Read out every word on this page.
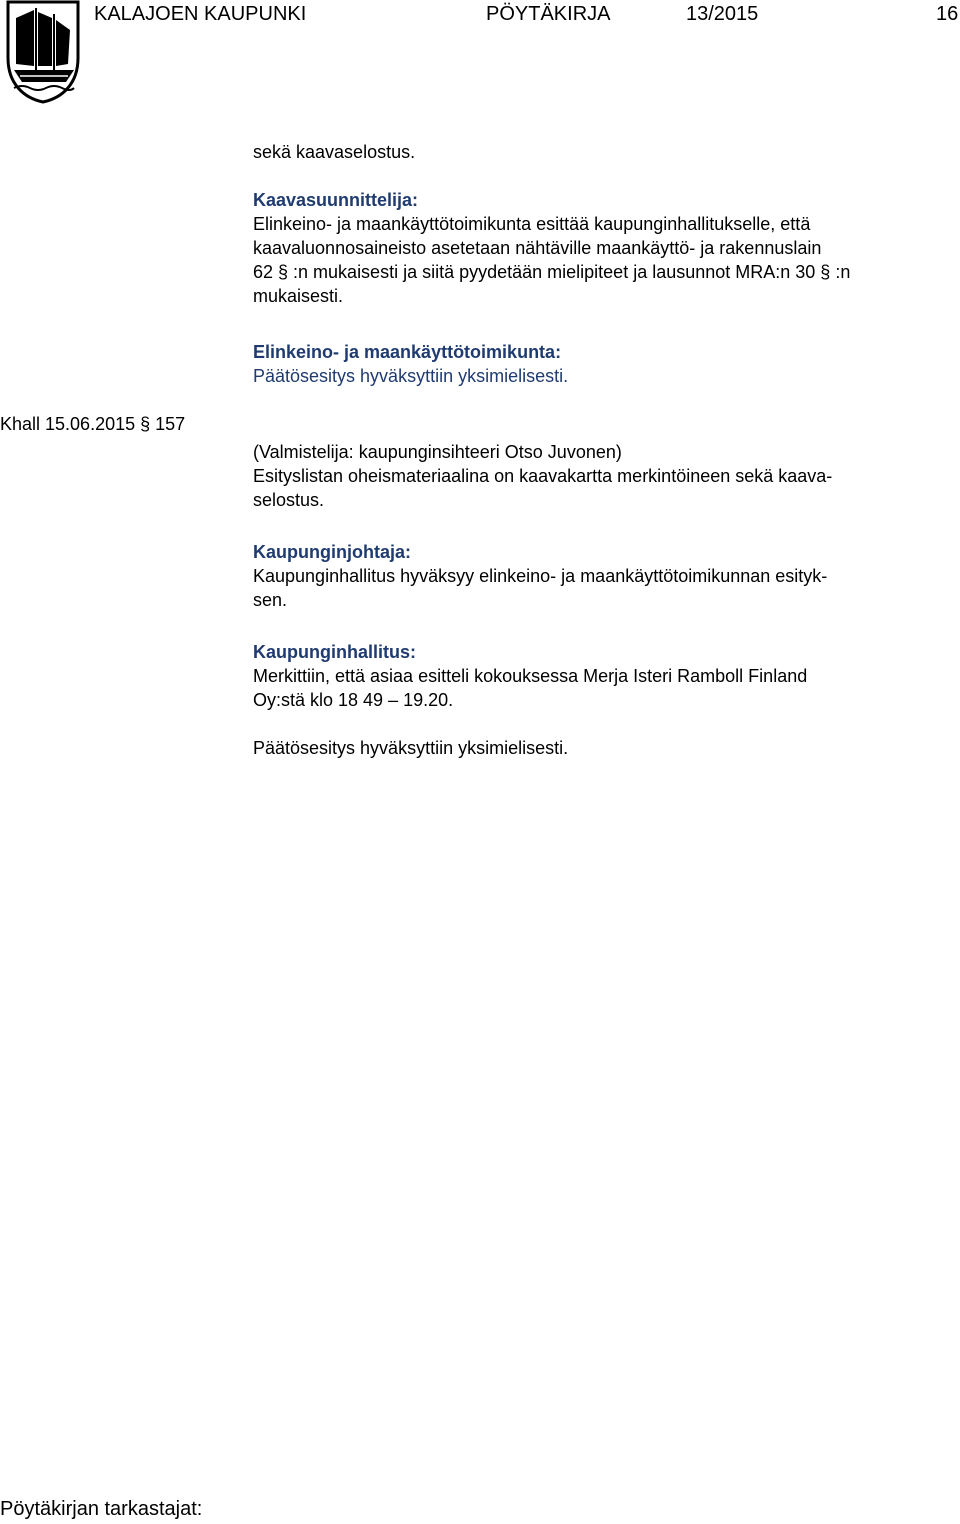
KALAJOEN KAUPUNKI	PÖYTÄKIRJA	13/2015	16
Khall 15.06.2015 § 157

sekä kaavaselostus.

Kaavasuunnittelija:

Elinkeino- ja maankäyttötoimikunta esittää kaupunginhallitukselle, että

kaavaluonnosaineisto asetetaan nähtäville maankäyttö- ja rakennuslain

62 § :n mukaisesti ja siitä pyydetään mielipiteet ja lausunnot MRA:n 30 § :n

mukaisesti.

Elinkeino- ja maankäyttötoimikunta:

Päätösesitys hyväksyttiin yksimielisesti.

(Valmistelija: kaupunginsihteeri Otso Juvonen)

Esityslistan oheismateriaalina on kaavakartta merkintöineen sekä kaava-

selostus.

Kaupunginjohtaja:

Kaupunginhallitus hyväksyy elinkeino- ja maankäyttötoimikunnan esityk-

sen.

Kaupunginhallitus:

Merkittiin, että asiaa esitteli kokouksessa Merja Isteri Ramboll Finland

Oy:stä klo 18 49 – 19.20.

Päätösesitys hyväksyttiin yksimielisesti.

Pöytäkirjan tarkastajat:
